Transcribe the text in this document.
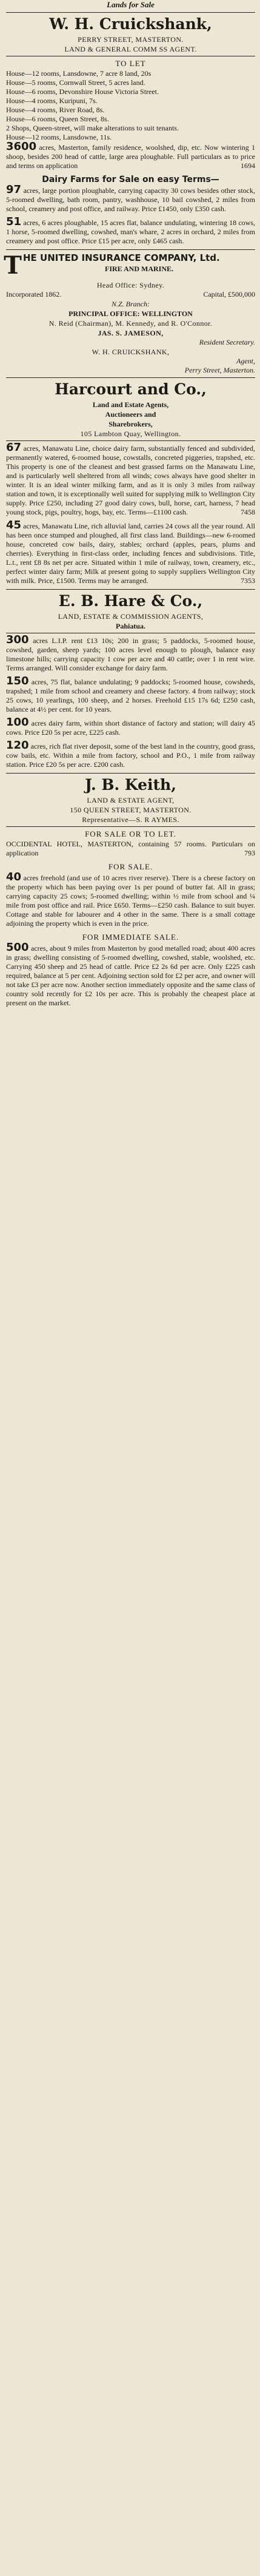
Lands for Sale
W. H. Cruickshank,
PERRY STREET, MASTERTON.
LAND & GENERAL COMM SS AGENT.
TO LET
House—12 rooms, Lansdowne, 7 acre 8 land, 20s
House—5 rooms, Cornwall Street, 5 acres land.
House—6 rooms, Devonshire House Victoria Street.
House—4 rooms, Kuripuni, 7s.
House—4 rooms, River Road, 8s.
House—6 rooms, Queen Street, 8s.
2 Shops, Queen-street, will make alterations to suit tenants.
House—12 rooms, Lansdowne, 11s.

3600 acres, Masterton, family residence, woolshed, dip, etc. Now wintering 1 shoop, besides 200 head of cattle, large area ploughable. Full particulars as to price and terms on application	1694

Dairy Farms for Sale on easy Terms—

97 acres, large portion ploughable, carrying capacity 30 cows besides other stock, 5-roomed dwelling, bath room, pantry, washhouse, 10 bail cowshed, 2 miles from school, creamery and post office, and railway. Price £1450, only £350 cash.

51 acres, 6 acres ploughable, 15 acres flat, balance undulating, wintering 18 cows, 1 horse, 5-roomed dwelling, cowshed, man's whare, 2 acres in orchard, 2 miles from creamery and post office. Price £15 per acre, only £465 cash.

T HE UNITED INSURANCE COMPANY, Ltd.
FIRE AND MARINE.
Head Office: Sydney.
Incorporated 1862.	Capital, £500,000
N.Z. Branch:
PRINCIPAL OFFICE: WELLINGTON
N. Reid (Chairman), M. Kennedy, and R. O'Connor.
JAS. S. JAMESON,
Resident Secretary.
W. H. CRUICKSHANK,
Agent,
Perry Street, Masterton.
Harcourt and Co.,
Land and Estate Agents,
Auctioneers and
Sharebrokers,
105 Lambton Quay, Wellington.

67 acres, Manawatu Line, choice dairy farm, substantially fenced and subdivided, permanently watered, 6-roomed house, cowstalls, concreted piggeries, trapshed, etc. This property is one of the cleanest and best grassed farms on the Manawatu Line, and is particularly well sheltered from all winds; cows always have good shelter in winter. It is an ideal winter milking farm, and as it is only 3 miles from railway station and town, it is exceptionally well suited for supplying milk to Wellington City supply. Price £250, including 27 good dairy cows, bull, horse, cart, harness, 7 head young stock, pigs, poultry, hogs, bay, etc. Terms—£1100 cash.	7458

45 acres, Manawatu Line, rich alluvial land, carries 24 cows all the year round. All has been once stumped and ploughed, all first class land. Buildings—new 6-roomed house, concreted cow bails, dairy, stables; orchard (apples, pears, plums and cherries). Everything in first-class order, including fences and subdivisions. Title, L.t., rent £8 8s net per acre. Situated within 1 mile of railway, town, creamery, etc., perfect winter dairy farm; Milk at present going to supply suppliers Wellington City with milk. Price, £1500. Terms may be arranged.	7353

E. B. Hare & Co.,
LAND, ESTATE & COMMISSION AGENTS,
Pahiatua.

300 acres L.I.P. rent £13 10s; 200 in grass; 5 paddocks, 5-roomed house, cowshed, garden, sheep yards; 100 acres level enough to plough, balance easy limestone hills; carrying capacity 1 cow per acre and 40 cattle; over 1 in rent wire. Terms arranged. Will consider exchange for dairy farm.

150 acres, 75 flat, balance undulating; 9 paddocks; 5-roomed house, cowsheds, trapshed; 1 mile from school and creamery and cheese factory. 4 from railway; stock 25 cows, 10 yearlings, 100 sheep, and 2 horses. Freehold £15 17s 6d; £250 cash, balance at 4½ per cent. for 10 years.

100 acres dairy farm, within short distance of factory and station; will dairy 45 cows. Price £20 5s per acre, £225 cash.

120 acres, rich flat river deposit, some of the best land in the country, good grass, cow bails, etc. Within a mile from factory, school and P.O., 1 mile from railway station. Price £20 5s per acre. £200 cash.

J. B. Keith,
LAND & ESTATE AGENT,
150 QUEEN STREET, MASTERTON.
Representative—S. R AYMES.
FOR SALE OR TO LET.

OCCIDENTAL HOTEL, MASTERTON, containing 57 rooms. Particulars on application	793

FOR SALE.

40 acres freehold (and use of 10 acres river reserve). There is a cheese factory on the property which has been paying over 1s per pound of butter fat. All in grass; carrying capacity 25 cows; 5-roomed dwelling; within ½ mile from school and ¼ mile from post office and rail. Price £650. Terms—£250 cash. Balance to suit buyer. Cottage and stable for labourer and 4 other in the same. There is a small cottage adjoining the property which is even in the price.

FOR IMMEDIATE SALE.

500 acres, about 9 miles from Masterton by good metalled road; about 400 acres in grass; dwelling consisting of 5-roomed dwelling, cowshed, stable, woolshed, etc. Carrying 450 sheep and 25 head of cattle. Price £2 2s 6d per acre. Only £225 cash required, balance at 5 per cent. Adjoining section sold for £2 per acre, and owner will not take £3 per acre now. Another section immediately opposite and the same class of country sold recently for £2 10s per acre. This is probably the cheapest place at present on the market.
